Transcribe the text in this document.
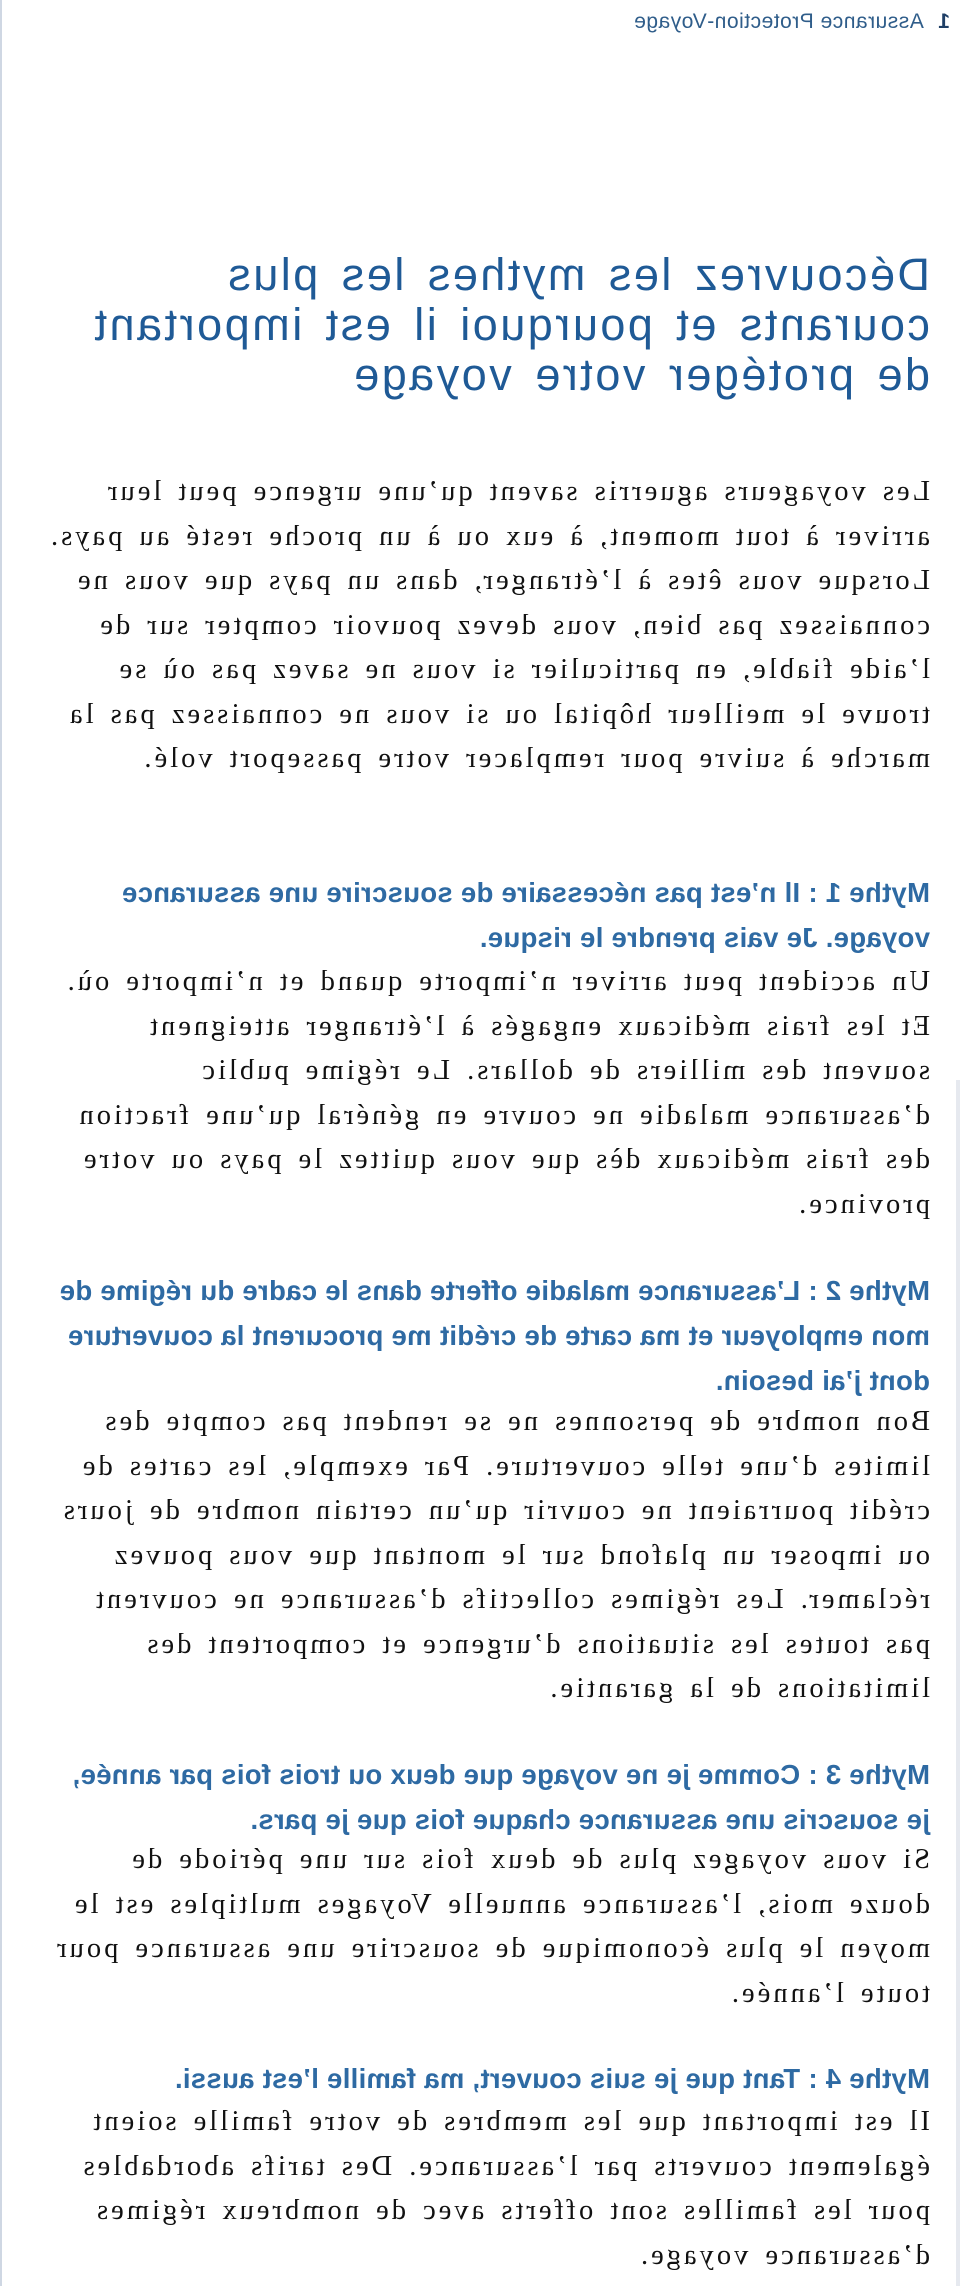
1
Assurance Protection-Voyage
Découvrez les mythes les plus courants et pourquoi il est important de protéger votre voyage

Les voyageurs aguerris savent qu’une urgence peut leur arriver à tout moment, à eux ou à un proche resté au pays. Lorsque vous êtes à l’étranger, dans un pays que vous ne connaissez pas bien, vous devez pouvoir compter sur de l’aide fiable, en particulier si vous ne savez pas où se trouve le meilleur hôpital ou si vous ne connaissez pas la marche à suivre pour remplacer votre passeport volé.

Mythe 1 : Il n’est pas nécessaire de souscrire une assurance voyage. Je vais prendre le risque.

Un accident peut arriver n’importe quand et n’importe où. Et les frais médicaux engagés à l’étranger atteignent souvent des milliers de dollars. Le régime public d’assurance maladie ne couvre en général qu’une fraction des frais médicaux dès que vous quittez le pays ou votre province.

Mythe 2 : L’assurance maladie offerte dans le cadre du régime de mon employeur et ma carte de crédit me procurent la couverture dont j’ai besoin.

Bon nombre de personnes ne se rendent pas compte des limites d’une telle couverture. Par exemple, les cartes de crédit pourraient ne couvrir qu’un certain nombre de jours ou imposer un plafond sur le montant que vous pouvez réclamer. Les régimes collectifs d’assurance ne couvrent pas toutes les situations d’urgence et comportent des limitations de la garantie.

Mythe 3 : Comme je ne voyage que deux ou trois fois par année, je souscris une assurance chaque fois que je pars.

Si vous voyagez plus de deux fois sur une période de douze mois, l’assurance annuelle Voyages multiples est le moyen le plus économique de souscrire une assurance pour toute l’année.

Mythe 4 : Tant que je suis couvert, ma famille l’est aussi.

Il est important que les membres de votre famille soient également couverts par l’assurance. Des tarifs abordables pour les familles sont offerts avec de nombreux régimes d’assurance voyage.
